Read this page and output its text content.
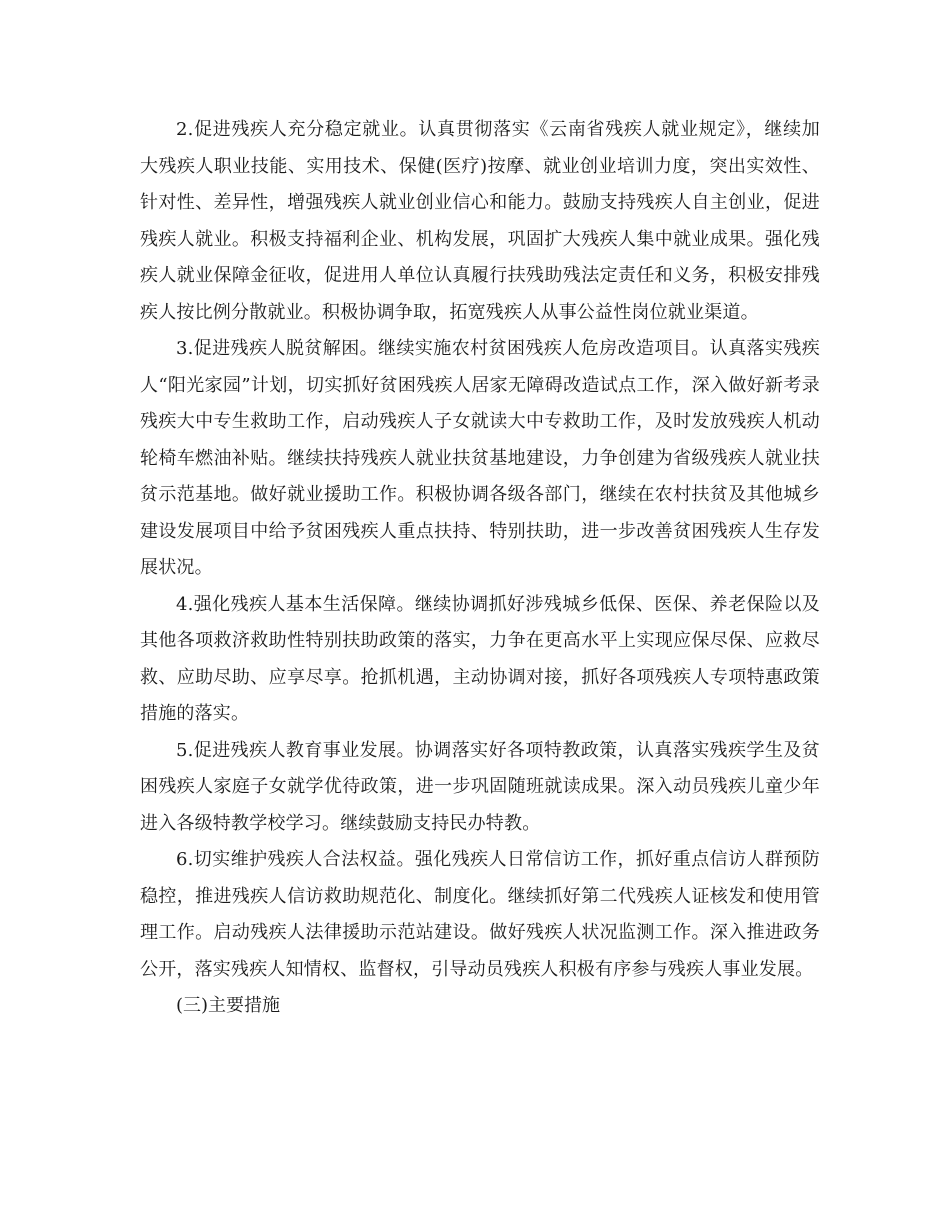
2.促进残疾人充分稳定就业。认真贯彻落实《云南省残疾人就业规定》，继续加大残疾人职业技能、实用技术、保健(医疗)按摩、就业创业培训力度，突出实效性、针对性、差异性，增强残疾人就业创业信心和能力。鼓励支持残疾人自主创业，促进残疾人就业。积极支持福利企业、机构发展，巩固扩大残疾人集中就业成果。强化残疾人就业保障金征收，促进用人单位认真履行扶残助残法定责任和义务，积极安排残疾人按比例分散就业。积极协调争取，拓宽残疾人从事公益性岗位就业渠道。

3.促进残疾人脱贫解困。继续实施农村贫困残疾人危房改造项目。认真落实残疾人“阳光家园”计划，切实抓好贫困残疾人居家无障碍改造试点工作，深入做好新考录残疾大中专生救助工作，启动残疾人子女就读大中专救助工作，及时发放残疾人机动轮椅车燃油补贴。继续扶持残疾人就业扶贫基地建设，力争创建为省级残疾人就业扶贫示范基地。做好就业援助工作。积极协调各级各部门，继续在农村扶贫及其他城乡建设发展项目中给予贫困残疾人重点扶持、特别扶助，进一步改善贫困残疾人生存发展状况。

4.强化残疾人基本生活保障。继续协调抓好涉残城乡低保、医保、养老保险以及其他各项救济救助性特别扶助政策的落实，力争在更高水平上实现应保尽保、应救尽救、应助尽助、应享尽享。抢抓机遇，主动协调对接，抓好各项残疾人专项特惠政策措施的落实。

5.促进残疾人教育事业发展。协调落实好各项特教政策，认真落实残疾学生及贫困残疾人家庭子女就学优待政策，进一步巩固随班就读成果。深入动员残疾儿童少年进入各级特教学校学习。继续鼓励支持民办特教。

6.切实维护残疾人合法权益。强化残疾人日常信访工作，抓好重点信访人群预防稳控，推进残疾人信访救助规范化、制度化。继续抓好第二代残疾人证核发和使用管理工作。启动残疾人法律援助示范站建设。做好残疾人状况监测工作。深入推进政务公开，落实残疾人知情权、监督权，引导动员残疾人积极有序参与残疾人事业发展。

(三)主要措施
